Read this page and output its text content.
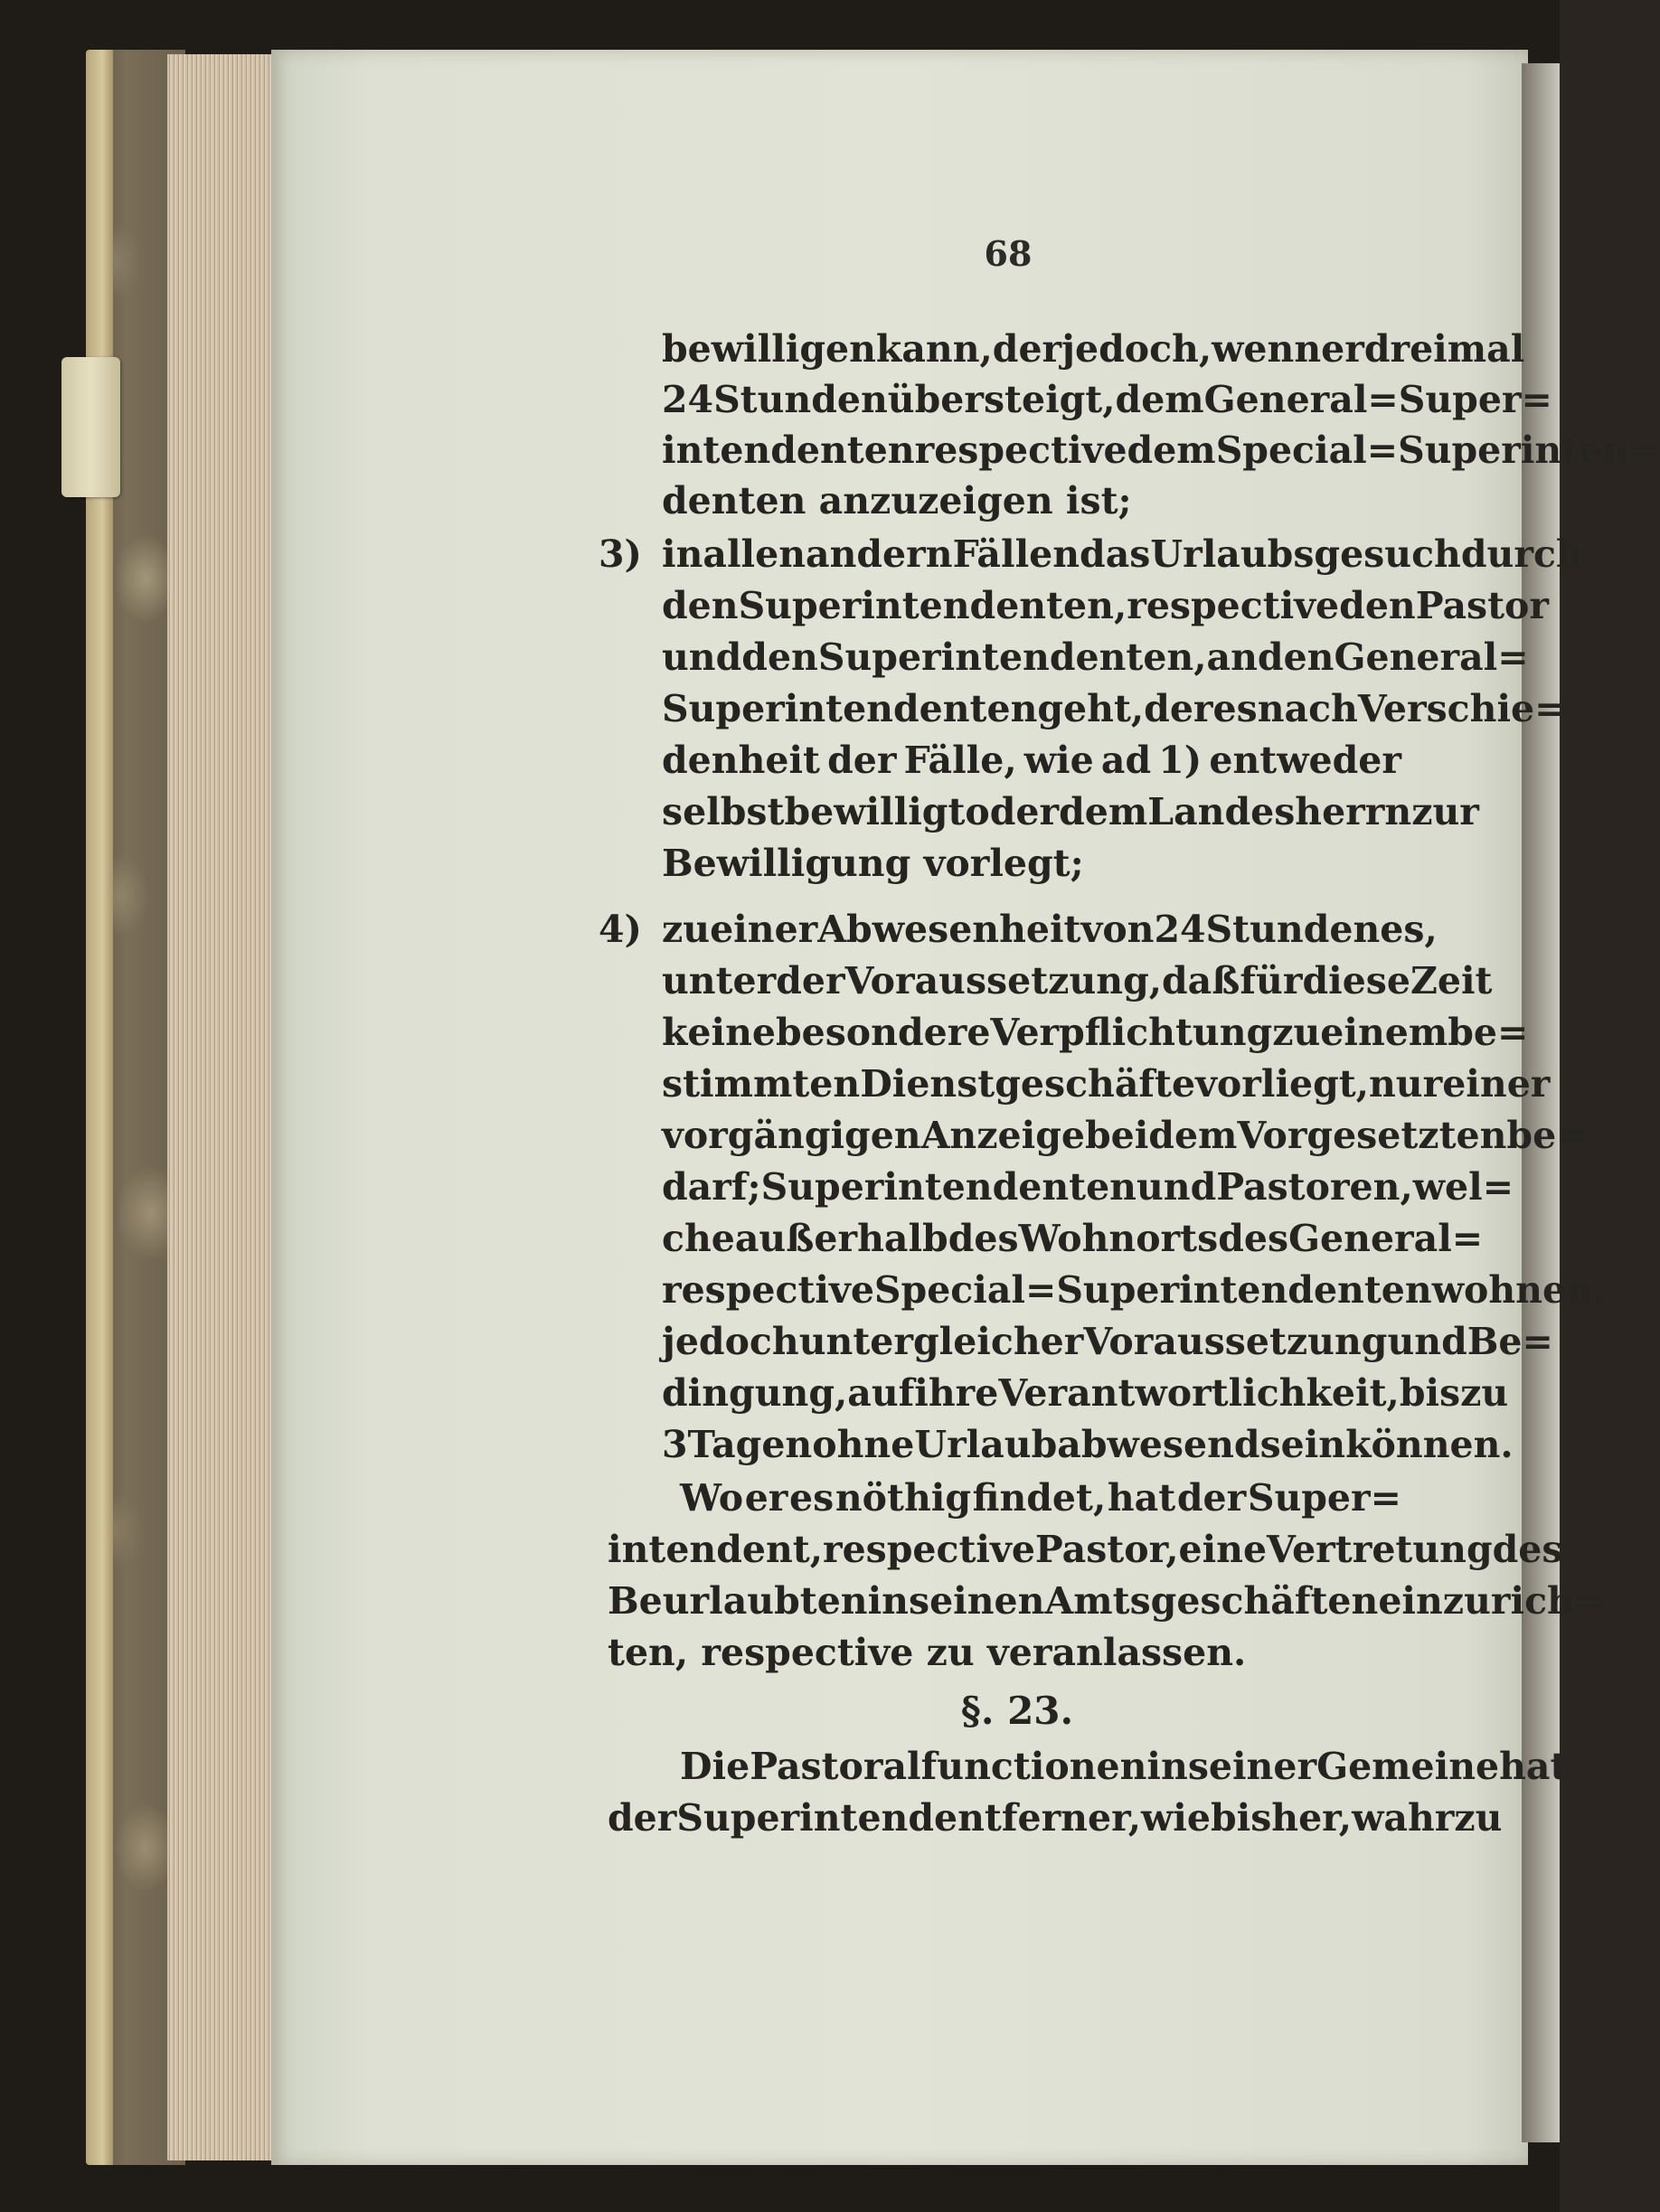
68
bewilligen kann, der jedoch, wenn er dreimal
24 Stunden übersteigt, dem General=Super=
intendenten respective dem Special=Superinten=
denten anzuzeigen ist;
3) in allen andern Fällen das Urlaubsgesuch durch
den Superintendenten, respective den Pastor
und den Superintendenten, an den General=
Superintendenten geht, der es nach Verschie=
denheit der Fälle, wie ad 1) entweder
selbst bewilligt oder dem Landesherrn zur
Bewilligung vorlegt;
4) zu einer Abwesenheit von 24 Stunden es,
unter der Voraussetzung, daß für diese Zeit
keine besondere Verpflichtung zu einem be=
stimmten Dienstgeschäfte vorliegt, nur einer
vorgängigen Anzeige bei dem Vorgesetzten be=
darf; Superintendenten und Pastoren, wel=
che außerhalb des Wohnorts des General=
respective Special=Superintendenten wohnen,
jedoch unter gleicher Voraussetzung und Be=
dingung, auf ihre Verantwortlichkeit, bis zu
3 Tagen ohne Urlaub abwesend sein können.
Wo er es nöthig findet, hat der Super=
intendent, respective Pastor, eine Vertretung des
Beurlaubten in seinen Amtsgeschäften einzurich=
ten, respective zu veranlassen.
Die Pastoralfunctionen in seiner Gemeine hat
der Superintendent ferner, wie bisher, wahrzu
§. 23.
